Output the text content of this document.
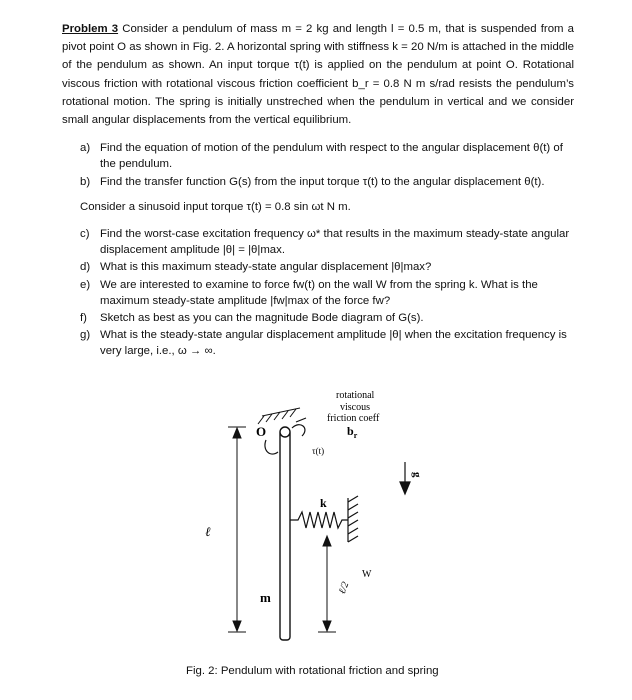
Problem 3 Consider a pendulum of mass m = 2 kg and length l = 0.5 m, that is suspended from a pivot point O as shown in Fig. 2. A horizontal spring with stiffness k = 20 N/m is attached in the middle of the pendulum as shown. An input torque τ(t) is applied on the pendulum at point O. Rotational viscous friction with rotational viscous friction coefficient b_r = 0.8 N m s/rad resists the pendulum’s rotational motion. The spring is initially unstreched when the pendulum in vertical and we consider small angular displacements from the vertical equilibrium.
a) Find the equation of motion of the pendulum with respect to the angular displacement θ(t) of the pendulum.
b) Find the transfer function G(s) from the input torque τ(t) to the angular displacement θ(t).
Consider a sinusoid input torque τ(t) = 0.8 sin ωt N m.
c) Find the worst-case excitation frequency ω* that results in the maximum steady-state angular displacement amplitude |θ| = |θ|max.
d) What is this maximum steady-state angular displacement |θ|max?
e) We are interested to examine to force fw(t) on the wall W from the spring k. What is the maximum steady-state amplitude |fw|max of the force fw?
f) Sketch as best as you can the magnitude Bode diagram of G(s).
g) What is the steady-state angular displacement amplitude |θ| when the excitation frequency is very large, i.e., ω → ∞.
O
τ(t)
rotational
viscous
friction coeff
$b_r$
ℓ
k
W
ℓ/2
m
g
Fig. 2: Pendulum with rotational friction and spring
